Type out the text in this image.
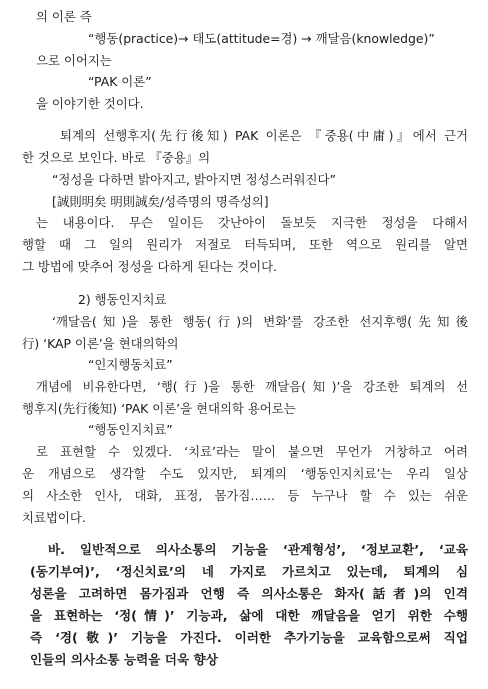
의 이론 즉
“행동(practice)→ 태도(attitude=경) → 깨달음(knowledge)”
으로 이어지는
“PAK 이론”
을 이야기한 것이다.
퇴계의 선행후지(先行後知) PAK 이론은 『중용(中庸)』에서 근거
한 것으로 보인다. 바로 『중용』의
“정성을 다하면 밝아지고, 밝아지면 정성스러워진다”
[誠則明矣 明則誠矣/성즉명의 명즉성의]
는 내용이다. 무슨 일이든 갓난아이 돌보듯 지극한 정성을 다해서
행할 때 그 일의 원리가 저절로 터득되며, 또한 역으로 원리를 알면
그 방법에 맞추어 정성을 다하게 된다는 것이다.
2) 행동인지치료
‘깨달음(知)을 통한 행동(行)의 변화’를 강조한 선지후행(先知後
行) ‘KAP 이론’을 현대의학의
“인지행동치료”
개념에 비유한다면, ‘행(行)을 통한 깨달음(知)’을 강조한 퇴계의 선
행후지(先行後知) ‘PAK 이론’을 현대의학 용어로는
“행동인지치료”
로 표현할 수 있겠다. ‘치료’라는 말이 붙으면 무언가 거창하고 어려
운 개념으로 생각할 수도 있지만, 퇴계의 ‘행동인지치료’는 우리 일상
의 사소한 인사, 대화, 표정, 몸가짐…… 등 누구나 할 수 있는 쉬운
치료법이다.
바. 일반적으로 의사소통의 기능을 ‘관계형성’, ‘정보교환’, ‘교육
(동기부여)’, ‘정신치료’의 네 가지로 가르치고 있는데, 퇴계의 심
성론을 고려하면 몸가짐과 언행 즉 의사소통은 화자(話者)의 인격
을 표현하는 ‘정(情)’ 기능과, 삶에 대한 깨달음을 얻기 위한 수행
즉 ‘경(敬)’ 기능을 가진다. 이러한 추가기능을 교육함으로써 직업
인들의 의사소통 능력을 더욱 향상
